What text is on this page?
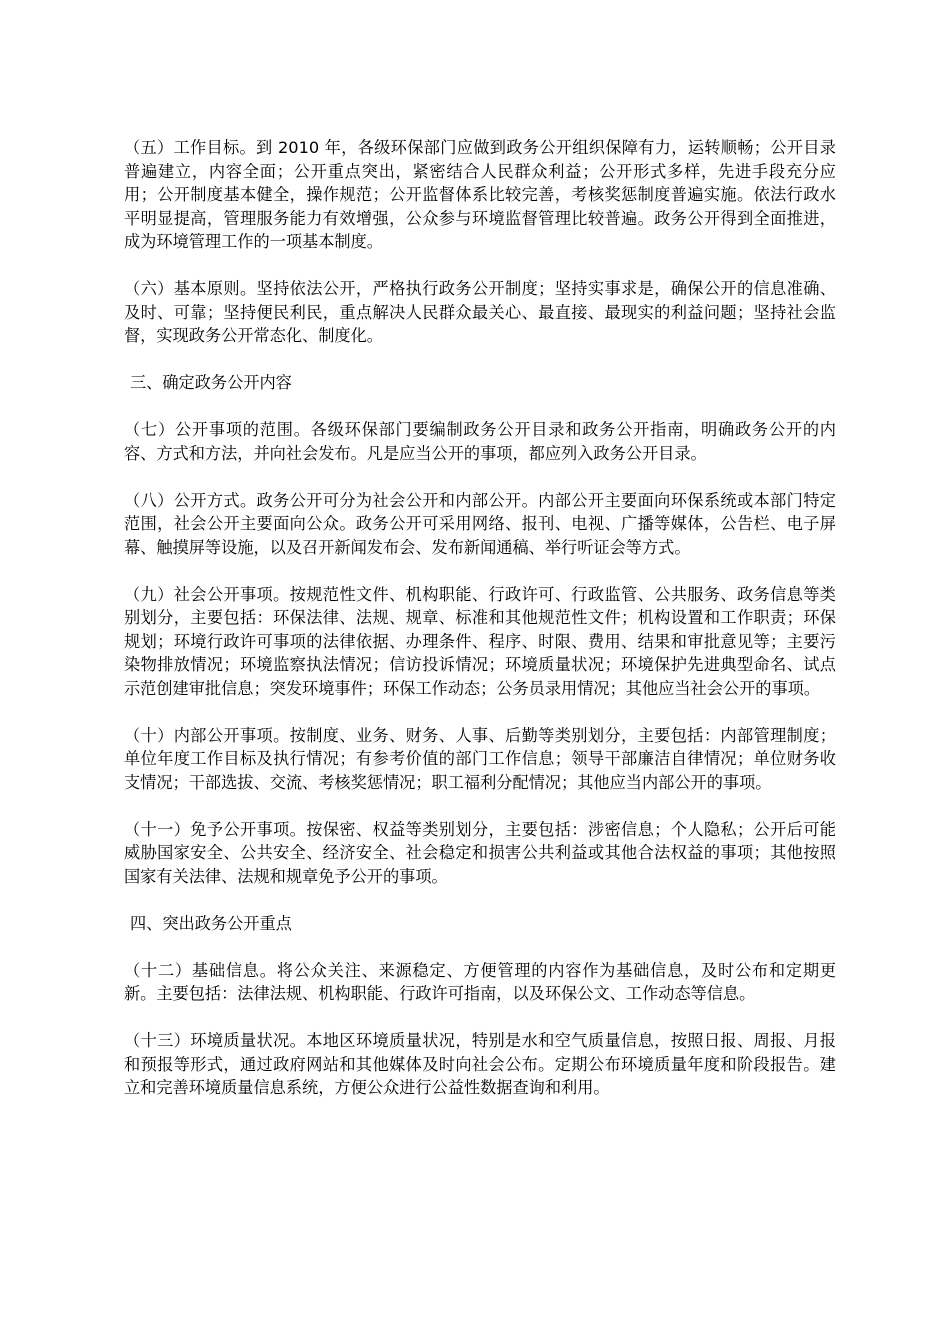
（五）工作目标。到 2010 年，各级环保部门应做到政务公开组织保障有力，运转顺畅；公开目录普遍建立，内容全面；公开重点突出，紧密结合人民群众利益；公开形式多样，先进手段充分应用；公开制度基本健全，操作规范；公开监督体系比较完善，考核奖惩制度普遍实施。依法行政水平明显提高，管理服务能力有效增强，公众参与环境监督管理比较普遍。政务公开得到全面推进，成为环境管理工作的一项基本制度。

（六）基本原则。坚持依法公开，严格执行政务公开制度；坚持实事求是，确保公开的信息准确、及时、可靠；坚持便民利民，重点解决人民群众最关心、最直接、最现实的利益问题；坚持社会监督，实现政务公开常态化、制度化。

三、确定政务公开内容

（七）公开事项的范围。各级环保部门要编制政务公开目录和政务公开指南，明确政务公开的内容、方式和方法，并向社会发布。凡是应当公开的事项，都应列入政务公开目录。

（八）公开方式。政务公开可分为社会公开和内部公开。内部公开主要面向环保系统或本部门特定范围，社会公开主要面向公众。政务公开可采用网络、报刊、电视、广播等媒体，公告栏、电子屏幕、触摸屏等设施，以及召开新闻发布会、发布新闻通稿、举行听证会等方式。

（九）社会公开事项。按规范性文件、机构职能、行政许可、行政监管、公共服务、政务信息等类别划分，主要包括：环保法律、法规、规章、标准和其他规范性文件；机构设置和工作职责；环保规划；环境行政许可事项的法律依据、办理条件、程序、时限、费用、结果和审批意见等；主要污染物排放情况；环境监察执法情况；信访投诉情况；环境质量状况；环境保护先进典型命名、试点示范创建审批信息；突发环境事件；环保工作动态；公务员录用情况；其他应当社会公开的事项。

（十）内部公开事项。按制度、业务、财务、人事、后勤等类别划分，主要包括：内部管理制度；单位年度工作目标及执行情况；有参考价值的部门工作信息；领导干部廉洁自律情况；单位财务收支情况；干部选拔、交流、考核奖惩情况；职工福利分配情况；其他应当内部公开的事项。

（十一）免予公开事项。按保密、权益等类别划分，主要包括：涉密信息；个人隐私；公开后可能威胁国家安全、公共安全、经济安全、社会稳定和损害公共利益或其他合法权益的事项；其他按照国家有关法律、法规和规章免予公开的事项。

四、突出政务公开重点

（十二）基础信息。将公众关注、来源稳定、方便管理的内容作为基础信息，及时公布和定期更新。主要包括：法律法规、机构职能、行政许可指南，以及环保公文、工作动态等信息。

（十三）环境质量状况。本地区环境质量状况，特别是水和空气质量信息，按照日报、周报、月报和预报等形式，通过政府网站和其他媒体及时向社会公布。定期公布环境质量年度和阶段报告。建立和完善环境质量信息系统，方便公众进行公益性数据查询和利用。
